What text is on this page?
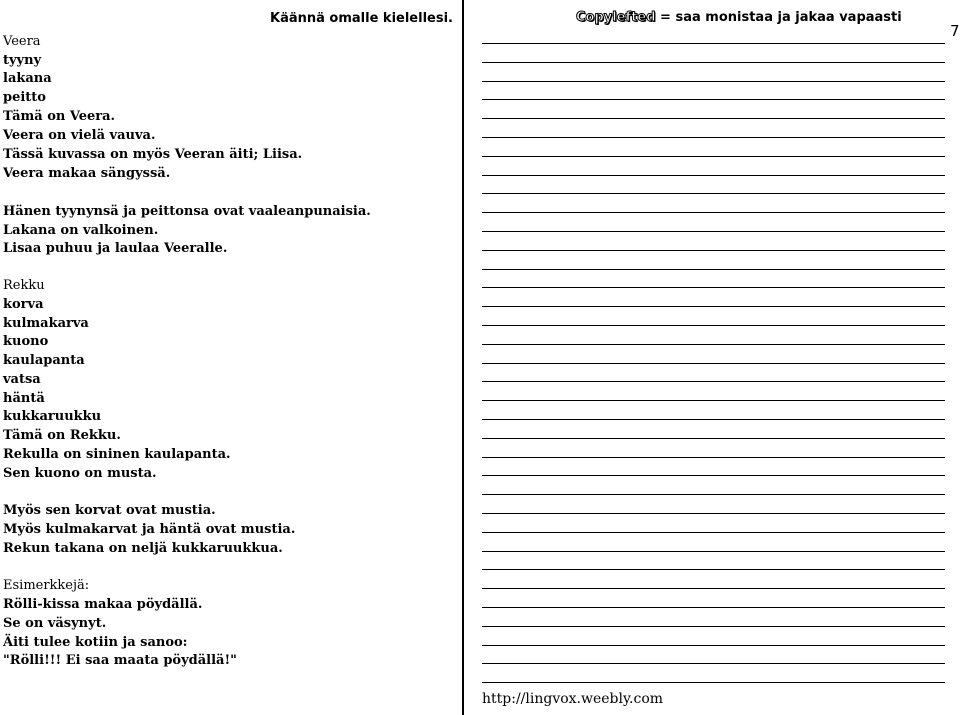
Käännä omalle kielellesi.
Veera
tyyny
lakana
peitto
Tämä on Veera.
Veera on vielä vauva.
Tässä kuvassa on myös Veeran äiti; Liisa.
Veera makaa sängyssä.
Hänen tyynynsä ja peittonsa ovat vaaleanpunaisia.
Lakana on valkoinen.
Lisaa puhuu ja laulaa Veeralle.
Rekku
korva
kulmakarva
kuono
kaulapanta
vatsa
häntä
kukkaruukku
Tämä on Rekku.
Rekulla on sininen kaulapanta.
Sen kuono on musta.
Myös sen korvat ovat mustia.
Myös kulmakarvat ja häntä ovat mustia.
Rekun takana on neljä kukkaruukkua.
Esimerkkejä:
Rölli-kissa makaa pöydällä.
Se on väsynyt.
Äiti tulee kotiin ja sanoo:
"Rölli!!! Ei saa maata pöydällä!"
Copylefted = saa monistaa ja jakaa vapaasti
7
http://lingvox.weebly.com
